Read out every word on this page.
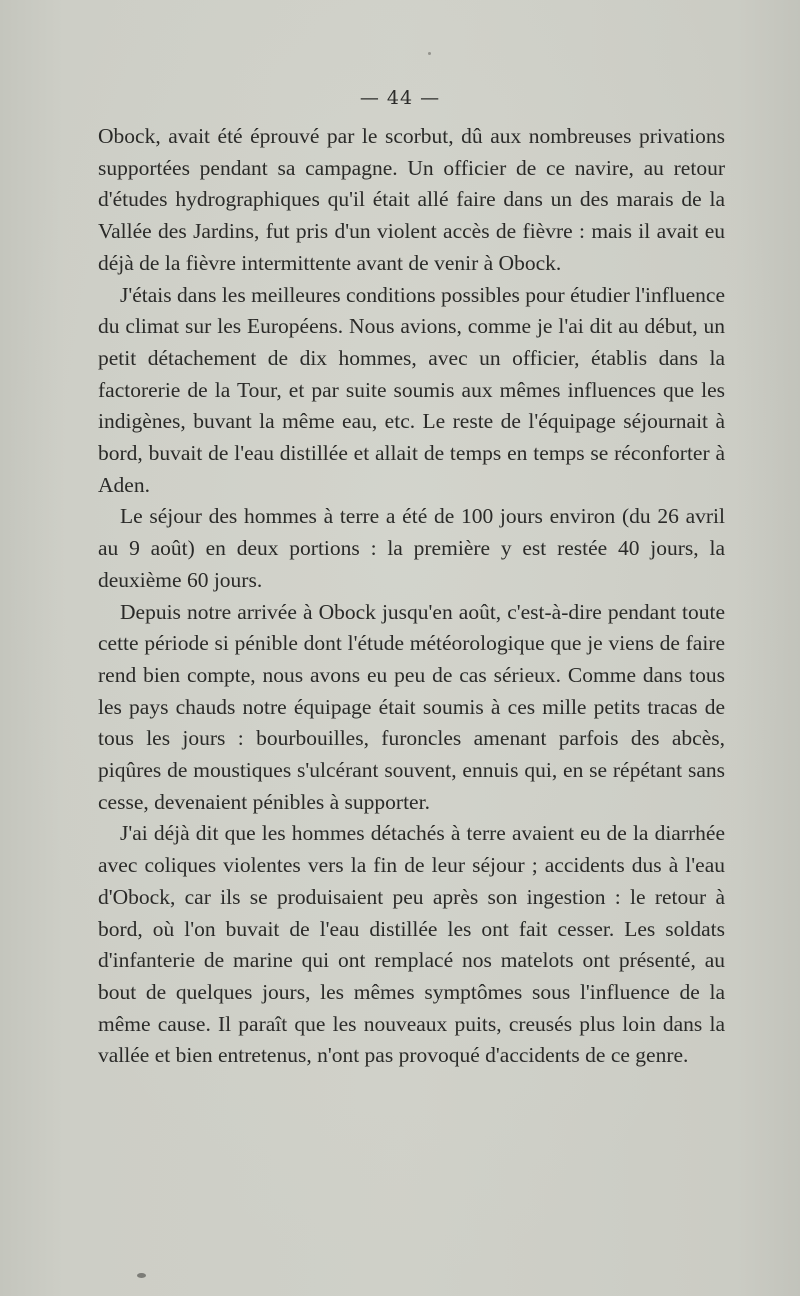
— 44 —

Obock, avait été éprouvé par le scorbut, dû aux nombreuses privations supportées pendant sa campagne. Un officier de ce navire, au retour d'études hydrographiques qu'il était allé faire dans un des marais de la Vallée des Jardins, fut pris d'un violent accès de fièvre : mais il avait eu déjà de la fièvre intermittente avant de venir à Obock.

J'étais dans les meilleures conditions possibles pour étudier l'influence du climat sur les Européens. Nous avions, comme je l'ai dit au début, un petit détachement de dix hommes, avec un officier, établis dans la factorerie de la Tour, et par suite soumis aux mêmes influences que les indigènes, buvant la même eau, etc. Le reste de l'équipage séjournait à bord, buvait de l'eau distillée et allait de temps en temps se réconforter à Aden.

Le séjour des hommes à terre a été de 100 jours environ (du 26 avril au 9 août) en deux portions : la première y est restée 40 jours, la deuxième 60 jours.

Depuis notre arrivée à Obock jusqu'en août, c'est-à-dire pendant toute cette période si pénible dont l'étude météorologique que je viens de faire rend bien compte, nous avons eu peu de cas sérieux. Comme dans tous les pays chauds notre équipage était soumis à ces mille petits tracas de tous les jours : bourbouilles, furoncles amenant parfois des abcès, piqûres de moustiques s'ulcérant souvent, ennuis qui, en se répétant sans cesse, devenaient pénibles à supporter.

J'ai déjà dit que les hommes détachés à terre avaient eu de la diarrhée avec coliques violentes vers la fin de leur séjour ; accidents dus à l'eau d'Obock, car ils se produisaient peu après son ingestion : le retour à bord, où l'on buvait de l'eau distillée les ont fait cesser. Les soldats d'infanterie de marine qui ont remplacé nos matelots ont présenté, au bout de quelques jours, les mêmes symptômes sous l'influence de la même cause. Il paraît que les nouveaux puits, creusés plus loin dans la vallée et bien entretenus, n'ont pas provoqué d'accidents de ce genre.
